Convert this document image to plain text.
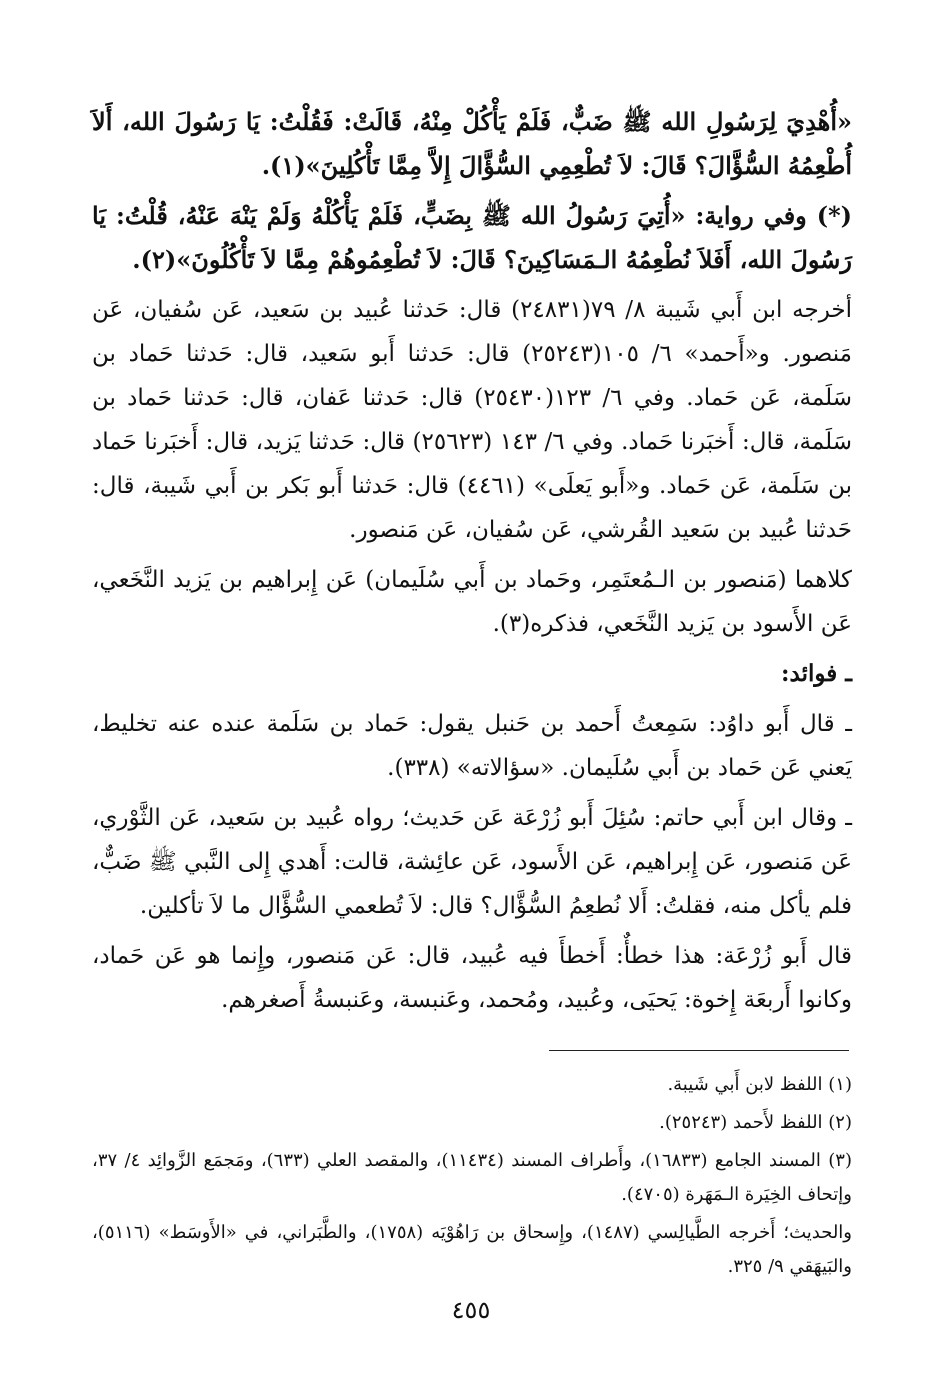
«أُهْدِيَ لِرَسُولِ الله ﷺ ضَبٌّ، فَلَمْ يَأْكُلْ مِنْهُ، قَالَتْ: فَقُلْتُ: يَا رَسُولَ الله، أَلاَ أُطْعِمُهُ السُّؤَّالَ؟ قَالَ: لاَ تُطْعِمِي السُّؤَّالَ إِلاَّ مِمَّا تَأْكُلِينَ»(١).

(*) وفي رواية: «أُتِيَ رَسُولُ الله ﷺ بِضَبٍّ، فَلَمْ يَأْكُلْهُ وَلَمْ يَنْهَ عَنْهُ، قُلْتُ: يَا رَسُولَ الله، أَفَلاَ نُطْعِمُهُ الـمَسَاكِينَ؟ قَالَ: لاَ تُطْعِمُوهُمْ مِمَّا لاَ تَأْكُلُونَ»(٢).

أخرجه ابن أَبي شَيبة ٨/ ٧٩(٢٤٨٣١) قال: حَدثنا عُبيد بن سَعيد، عَن سُفيان، عَن مَنصور. و«أَحمد» ٦/ ١٠٥(٢٥٢٤٣) قال: حَدثنا أَبو سَعيد، قال: حَدثنا حَماد بن سَلَمة، عَن حَماد. وفي ٦/ ١٢٣(٢٥٤٣٠) قال: حَدثنا عَفان، قال: حَدثنا حَماد بن سَلَمة، قال: أَخبَرنا حَماد. وفي ٦/ ١٤٣ (٢٥٦٢٣) قال: حَدثنا يَزيد، قال: أَخبَرنا حَماد بن سَلَمة، عَن حَماد. و«أَبو يَعلَى» (٤٤٦١) قال: حَدثنا أَبو بَكر بن أَبي شَيبة، قال: حَدثنا عُبيد بن سَعيد القُرشي، عَن سُفيان، عَن مَنصور.

كلاهما (مَنصور بن الـمُعتَمِر، وحَماد بن أَبي سُلَيمان) عَن إِبراهيم بن يَزيد النَّخَعي، عَن الأَسود بن يَزيد النَّخَعي، فذكره(٣).

ـ فوائد:

ـ قال أَبو داوُد: سَمِعتُ أَحمد بن حَنبل يقول: حَماد بن سَلَمة عنده عنه تخليط، يَعني عَن حَماد بن أَبي سُلَيمان. «سؤالاته» (٣٣٨).

ـ وقال ابن أَبي حاتم: سُئِلَ أَبو زُرْعَة عَن حَديث؛ رواه عُبيد بن سَعيد، عَن الثَّوْري، عَن مَنصور، عَن إِبراهيم، عَن الأَسود، عَن عائِشة، قالت: أَهدي إِلى النَّبي ﷺ ضَبٌّ، فلم يأكل منه، فقلتُ: أَلا نُطعِمُ السُّؤَّال؟ قال: لاَ تُطعمي السُّؤَّال ما لاَ تأكلين.

قال أَبو زُرْعَة: هذا خطأٌ: أَخطأَ فيه عُبيد، قال: عَن مَنصور، وإِنما هو عَن حَماد، وكانوا أَربعَة إِخوة: يَحيَى، وعُبيد، ومُحمد، وعَنبسة، وعَنبسةُ أَصغرهم.

(١) اللفظ لابن أَبي شَيبة.

(٢) اللفظ لأَحمد (٢٥٢٤٣).

(٣) المسند الجامع (١٦٨٣٣)، وأَطراف المسند (١١٤٣٤)، والمقصد العلي (٦٣٣)، ومَجمَع الزَّوائِد ٤/ ٣٧، وإتحاف الخِيَرة الـمَهَرة (٤٧٠٥).

والحديث؛ أَخرجه الطَّيالِسي (١٤٨٧)، وإِسحاق بن رَاهُوْيَه (١٧٥٨)، والطَّبَراني، في «الأَوسَط» (٥١١٦)، والبَيهَقي ٩/ ٣٢٥.

٤٥٥
